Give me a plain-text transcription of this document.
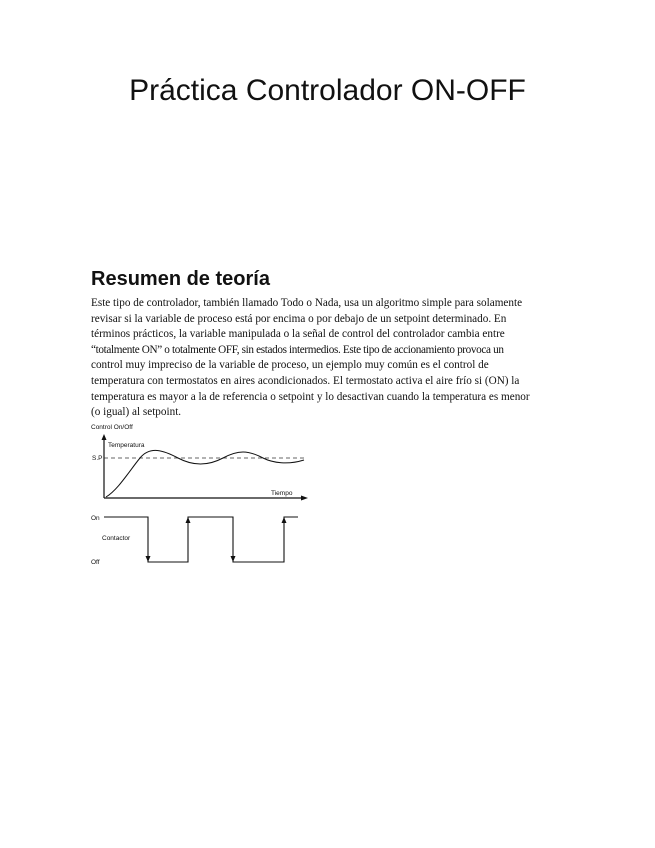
Práctica Controlador ON-OFF
Resumen de teoría
Este tipo de controlador, también llamado Todo o Nada, usa un algoritmo simple para solamente
revisar si la variable de proceso está por encima o por debajo de un setpoint determinado. En
términos prácticos, la variable manipulada o la señal de control del controlador cambia entre
“totalmente ON” o totalmente OFF, sin estados intermedios. Este tipo de accionamiento provoca un
control muy impreciso de la variable de proceso, un ejemplo muy común es el control de
temperatura con termostatos en aires acondicionados. El termostato activa el aire frío si (ON) la
temperatura es mayor a la de referencia o setpoint y lo desactivan cuando la temperatura es menor
(o igual) al setpoint.
Control On/Off
Temperatura
S.P
Tiempo
On
Off
Contactor
